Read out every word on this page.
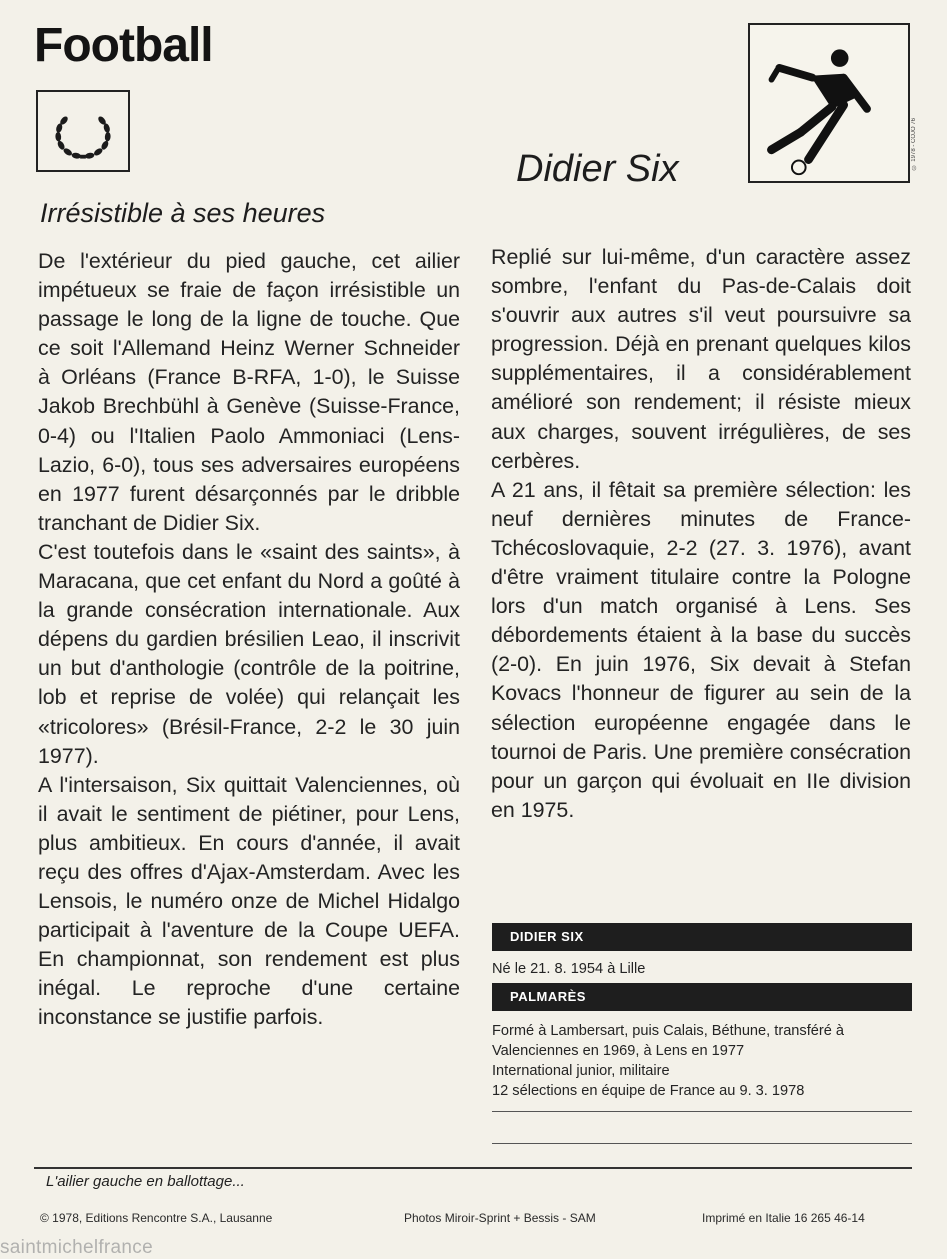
Football
Didier Six	© 1978 - COJO 76
Irrésistible à ses heures

De l'extérieur du pied gauche, cet ailier impétueux se fraie de façon irrésistible un passage le long de la ligne de touche. Que ce soit l'Allemand Heinz Werner Schneider à Orléans (France B-RFA, 1-0), le Suisse Jakob Brechbühl à Genève (Suisse-France, 0-4) ou l'Italien Paolo Ammoniaci (Lens-Lazio, 6-0), tous ses adversaires européens en 1977 furent désarçonnés par le dribble tranchant de Didier Six.

C'est toutefois dans le «saint des saints», à Maracana, que cet enfant du Nord a goûté à la grande consécration internationale. Aux dépens du gardien brésilien Leao, il inscrivit un but d'anthologie (contrôle de la poitrine, lob et reprise de volée) qui relançait les «tricolores» (Brésil-France, 2-2 le 30 juin 1977).

A l'intersaison, Six quittait Valenciennes, où il avait le sentiment de piétiner, pour Lens, plus ambitieux. En cours d'année, il avait reçu des offres d'Ajax-Amsterdam. Avec les Lensois, le numéro onze de Michel Hidalgo participait à l'aventure de la Coupe UEFA. En championnat, son rendement est plus inégal. Le reproche d'une certaine inconstance se justifie parfois.

Replié sur lui-même, d'un caractère assez sombre, l'enfant du Pas-de-Calais doit s'ouvrir aux autres s'il veut poursuivre sa progression. Déjà en prenant quelques kilos supplémentaires, il a considérablement amélioré son rendement; il résiste mieux aux charges, souvent irrégulières, de ses cerbères.

A 21 ans, il fêtait sa première sélection: les neuf dernières minutes de France-Tchécoslovaquie, 2-2 (27. 3. 1976), avant d'être vraiment titulaire contre la Pologne lors d'un match organisé à Lens. Ses débordements étaient à la base du succès (2-0). En juin 1976, Six devait à Stefan Kovacs l'honneur de figurer au sein de la sélection européenne engagée dans le tournoi de Paris. Une première consécration pour un garçon qui évoluait en IIe division en 1975.

DIDIER SIX
Né le 21. 8. 1954 à Lille
PALMARÈS
Formé à Lambersart, puis Calais, Béthune, transféré à
Valenciennes en 1969, à Lens en 1977
International junior, militaire
12 sélections en équipe de France au 9. 3. 1978
L'ailier gauche en ballottage...
© 1978, Editions Rencontre S.A., Lausanne	Photos Miroir-Sprint + Bessis - SAM	Imprimé en Italie 16 265 46-14
saintmichelfrance
